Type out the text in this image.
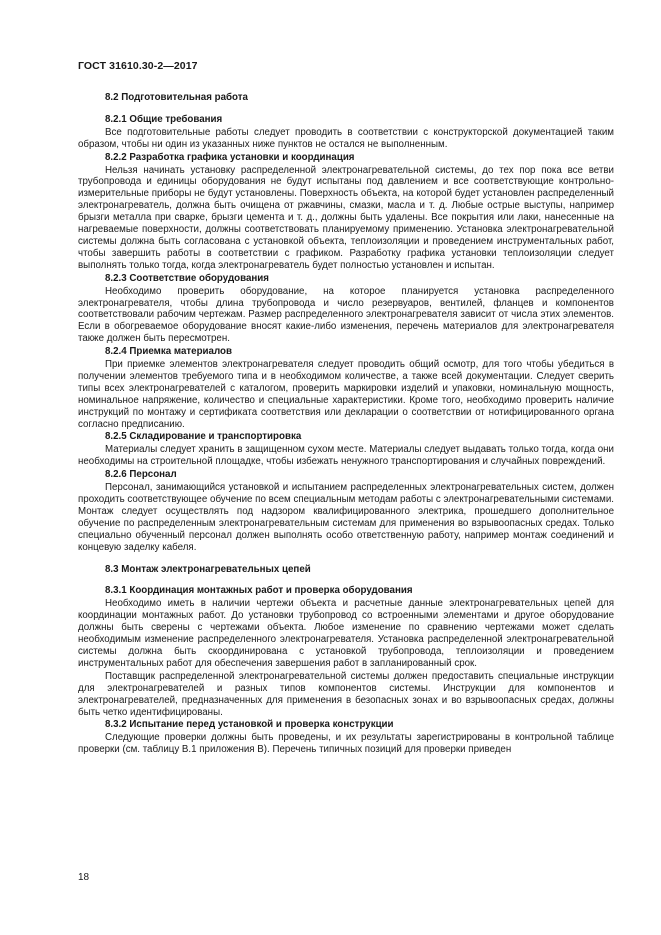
ГОСТ 31610.30-2—2017
8.2 Подготовительная работа
8.2.1 Общие требования
Все подготовительные работы следует проводить в соответствии с конструкторской документацией таким образом, чтобы ни один из указанных ниже пунктов не остался не выполненным.
8.2.2 Разработка графика установки и координация
Нельзя начинать установку распределенной электронагревательной системы, до тех пор пока все ветви трубопровода и единицы оборудования не будут испытаны под давлением и все соответствующие контрольно-измерительные приборы не будут установлены. Поверхность объекта, на которой будет установлен распределенный электронагреватель, должна быть очищена от ржавчины, смазки, масла и т. д. Любые острые выступы, например брызги металла при сварке, брызги цемента и т. д., должны быть удалены. Все покрытия или лаки, нанесенные на нагреваемые поверхности, должны соответствовать планируемому применению. Установка электронагревательной системы должна быть согласована с установкой объекта, теплоизоляции и проведением инструментальных работ, чтобы завершить работы в соответствии с графиком. Разработку графика установки теплоизоляции следует выполнять только тогда, когда электронагреватель будет полностью установлен и испытан.
8.2.3 Соответствие оборудования
Необходимо проверить оборудование, на которое планируется установка распределенного электронагревателя, чтобы длина трубопровода и число резервуаров, вентилей, фланцев и компонентов соответствовали рабочим чертежам. Размер распределенного электронагревателя зависит от числа этих элементов. Если в обогреваемое оборудование вносят какие-либо изменения, перечень материалов для электронагревателя также должен быть пересмотрен.
8.2.4 Приемка материалов
При приемке элементов электронагревателя следует проводить общий осмотр, для того чтобы убедиться в получении элементов требуемого типа и в необходимом количестве, а также всей документации. Следует сверить типы всех электронагревателей с каталогом, проверить маркировки изделий и упаковки, номинальную мощность, номинальное напряжение, количество и специальные характеристики. Кроме того, необходимо проверить наличие инструкций по монтажу и сертификата соответствия или декларации о соответствии от нотифицированного органа согласно предписанию.
8.2.5 Складирование и транспортировка
Материалы следует хранить в защищенном сухом месте. Материалы следует выдавать только тогда, когда они необходимы на строительной площадке, чтобы избежать ненужного транспортирования и случайных повреждений.
8.2.6 Персонал
Персонал, занимающийся установкой и испытанием распределенных электронагревательных систем, должен проходить соответствующее обучение по всем специальным методам работы с электронагревательными системами. Монтаж следует осуществлять под надзором квалифицированного электрика, прошедшего дополнительное обучение по распределенным электронагревательным системам для применения во взрывоопасных средах. Только специально обученный персонал должен выполнять особо ответственную работу, например монтаж соединений и концевую заделку кабеля.
8.3 Монтаж электронагревательных цепей
8.3.1 Координация монтажных работ и проверка оборудования
Необходимо иметь в наличии чертежи объекта и расчетные данные электронагревательных цепей для координации монтажных работ. До установки трубопровод со встроенными элементами и другое оборудование должны быть сверены с чертежами объекта. Любое изменение по сравнению чертежами может сделать необходимым изменение распределенного электронагревателя. Установка распределенной электронагревательной системы должна быть скоординирована с установкой трубопровода, теплоизоляции и проведением инструментальных работ для обеспечения завершения работ в запланированный срок.
Поставщик распределенной электронагревательной системы должен предоставить специальные инструкции для электронагревателей и разных типов компонентов системы. Инструкции для компонентов и электронагревателей, предназначенных для применения в безопасных зонах и во взрывоопасных средах, должны быть четко идентифицированы.
8.3.2 Испытание перед установкой и проверка конструкции
Следующие проверки должны быть проведены, и их результаты зарегистрированы в контрольной таблице проверки (см. таблицу В.1 приложения В). Перечень типичных позиций для проверки приведен
18
